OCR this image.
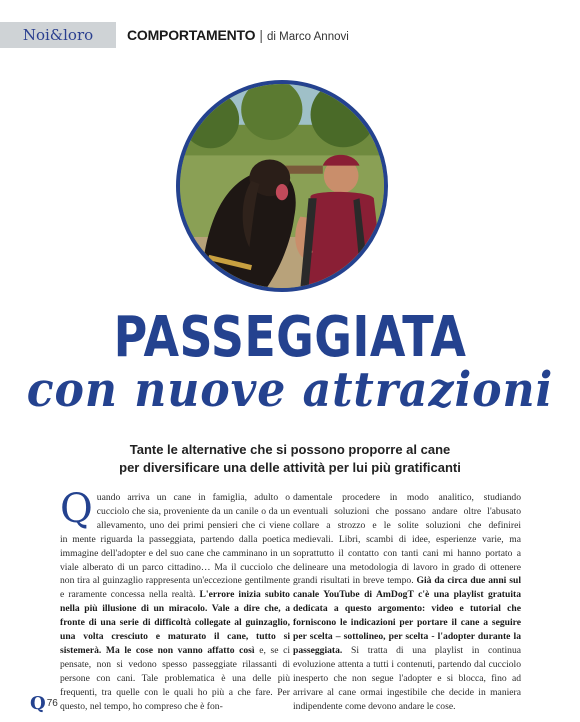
Noi&loro	COMPORTAMENTO | di Marco Annovi
PASSEGGIATA
con nuove attrazioni
Tante le alternative che si possono proporre al cane
per diversificare una delle attività per lui più gratificanti
Quando arriva un cane in famiglia, adulto o cucciolo che sia, proveniente da un canile o da un allevamento, uno dei primi pensieri che ci viene in mente riguarda la passeggiata, partendo dalla poetica immagine dell'adopter e del suo cane che camminano in un viale alberato di un parco cittadino… Ma il cucciolo che non tira al guinzaglio rappresenta un'eccezione gentilmente e raramente concessa nella realtà. L'errore inizia subito nella più illusione di un miracolo. Vale a dire che, a fronte di una serie di difficoltà collegate al guinzaglio, una volta cresciuto e maturato il cane, tutto si sistemerà. Ma le cose non vanno affatto così e, se ci pensate, non si vedono spesso passeggiate rilassanti di persone con cani. Tale problematica è una delle più frequenti, tra quelle con le quali ho più a che fare. Per questo, nel tempo, ho compreso che è fon-
damentale procedere in modo analitico, studiando eventuali soluzioni che possano andare oltre l'abusato collare a strozzo e le solite soluzioni che definirei medievali. Libri, scambi di idee, esperienze varie, ma soprattutto il contatto con tanti cani mi hanno portato a delineare una metodologia di lavoro in grado di ottenere grandi risultati in breve tempo. Già da circa due anni sul canale YouTube di AmDogT c'è una playlist gratuita dedicata a questo argomento: video e tutorial che forniscono le indicazioni per portare il cane a seguire per scelta – sottolineo, per scelta - l'adopter durante la passeggiata. Si tratta di una playlist in continua evoluzione attenta a tutti i contenuti, partendo dal cucciolo inesperto che non segue l'adopter e si blocca, fino ad arrivare al cane ormai ingestibile che decide in maniera indipendente come devono andare le cose.
Q 76
